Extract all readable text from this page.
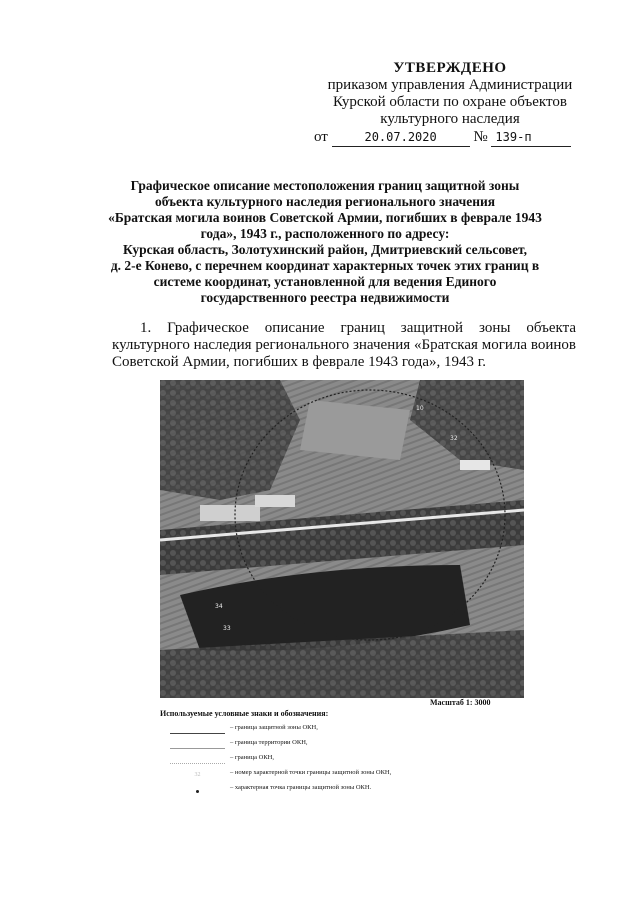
УТВЕРЖДЕНО
приказом управления Администрации
Курской области по охране объектов
культурного наследия
от	20.07.2020 № 139-п
Графическое описание местоположения границ защитной зоны
объекта культурного наследия регионального значения
«Братская могила воинов Советской Армии, погибших в феврале 1943
года», 1943 г., расположенного по адресу:
Курская область, Золотухинский район, Дмитриевский сельсовет,
д. 2-е Конево, с перечнем координат характерных точек этих границ в
системе координат, установленной для ведения Единого
государственного реестра недвижимости
1. Графическое описание границ защитной зоны объекта культурного наследия регионального значения «Братская могила воинов Советской Армии, погибших в феврале 1943 года», 1943 г.
10
32
33
34
Масштаб 1: 3000
Используемые условные знаки и обозначения:
– граница защитной зоны ОКН,
– граница территории ОКН,
– граница ОКН,
32	– номер характерной точки границы защитной зоны ОКН,
– характерная точка границы защитной зоны ОКН.
